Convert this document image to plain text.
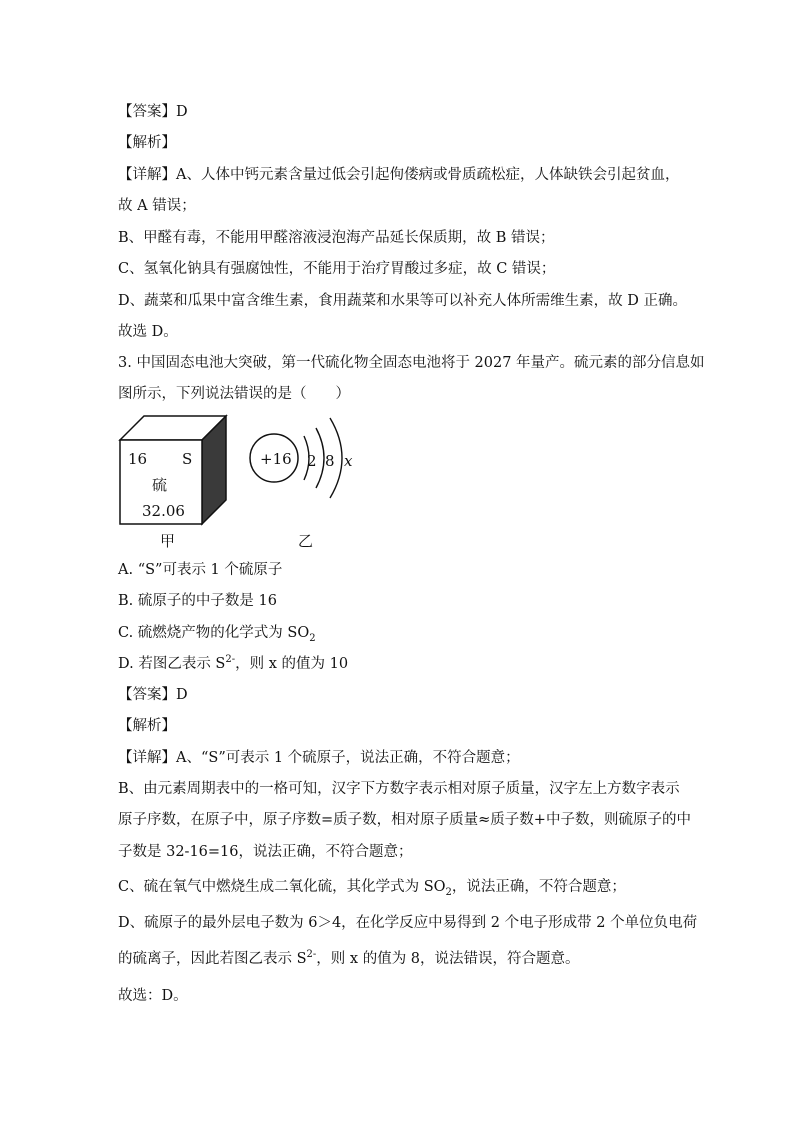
【答案】D
【解析】
【详解】A、人体中钙元素含量过低会引起佝偻病或骨质疏松症，人体缺铁会引起贫血，
故 A 错误；
B、甲醛有毒，不能用甲醛溶液浸泡海产品延长保质期，故 B 错误；
C、氢氧化钠具有强腐蚀性，不能用于治疗胃酸过多症，故 C 错误；
D、蔬菜和瓜果中富含维生素，食用蔬菜和水果等可以补充人体所需维生素，故 D 正确。
故选 D。
3. 中国固态电池大突破，第一代硫化物全固态电池将于 2027 年量产。硫元素的部分信息如
图所示，下列说法错误的是（　　）
16 S
硫
32.06
+16 2 8 x
甲	乙
A. “S”可表示 1 个硫原子
B. 硫原子的中子数是 16
C. 硫燃烧产物的化学式为 $SO_2$
D. 若图乙表示 $S^{2-}$，则 x 的值为 10
【答案】D
【解析】
【详解】A、“S”可表示 1 个硫原子，说法正确，不符合题意；
B、由元素周期表中的一格可知，汉字下方数字表示相对原子质量，汉字左上方数字表示
原子序数，在原子中，原子序数=质子数，相对原子质量≈质子数+中子数，则硫原子的中
子数是 32-16=16，说法正确，不符合题意；
C、硫在氧气中燃烧生成二氧化硫，其化学式为 $SO_2$，说法正确，不符合题意；
D、硫原子的最外层电子数为 6＞4，在化学反应中易得到 2 个电子形成带 2 个单位负电荷
的硫离子，因此若图乙表示 $S^{2-}$，则 x 的值为 8，说法错误，符合题意。
故选：D。
